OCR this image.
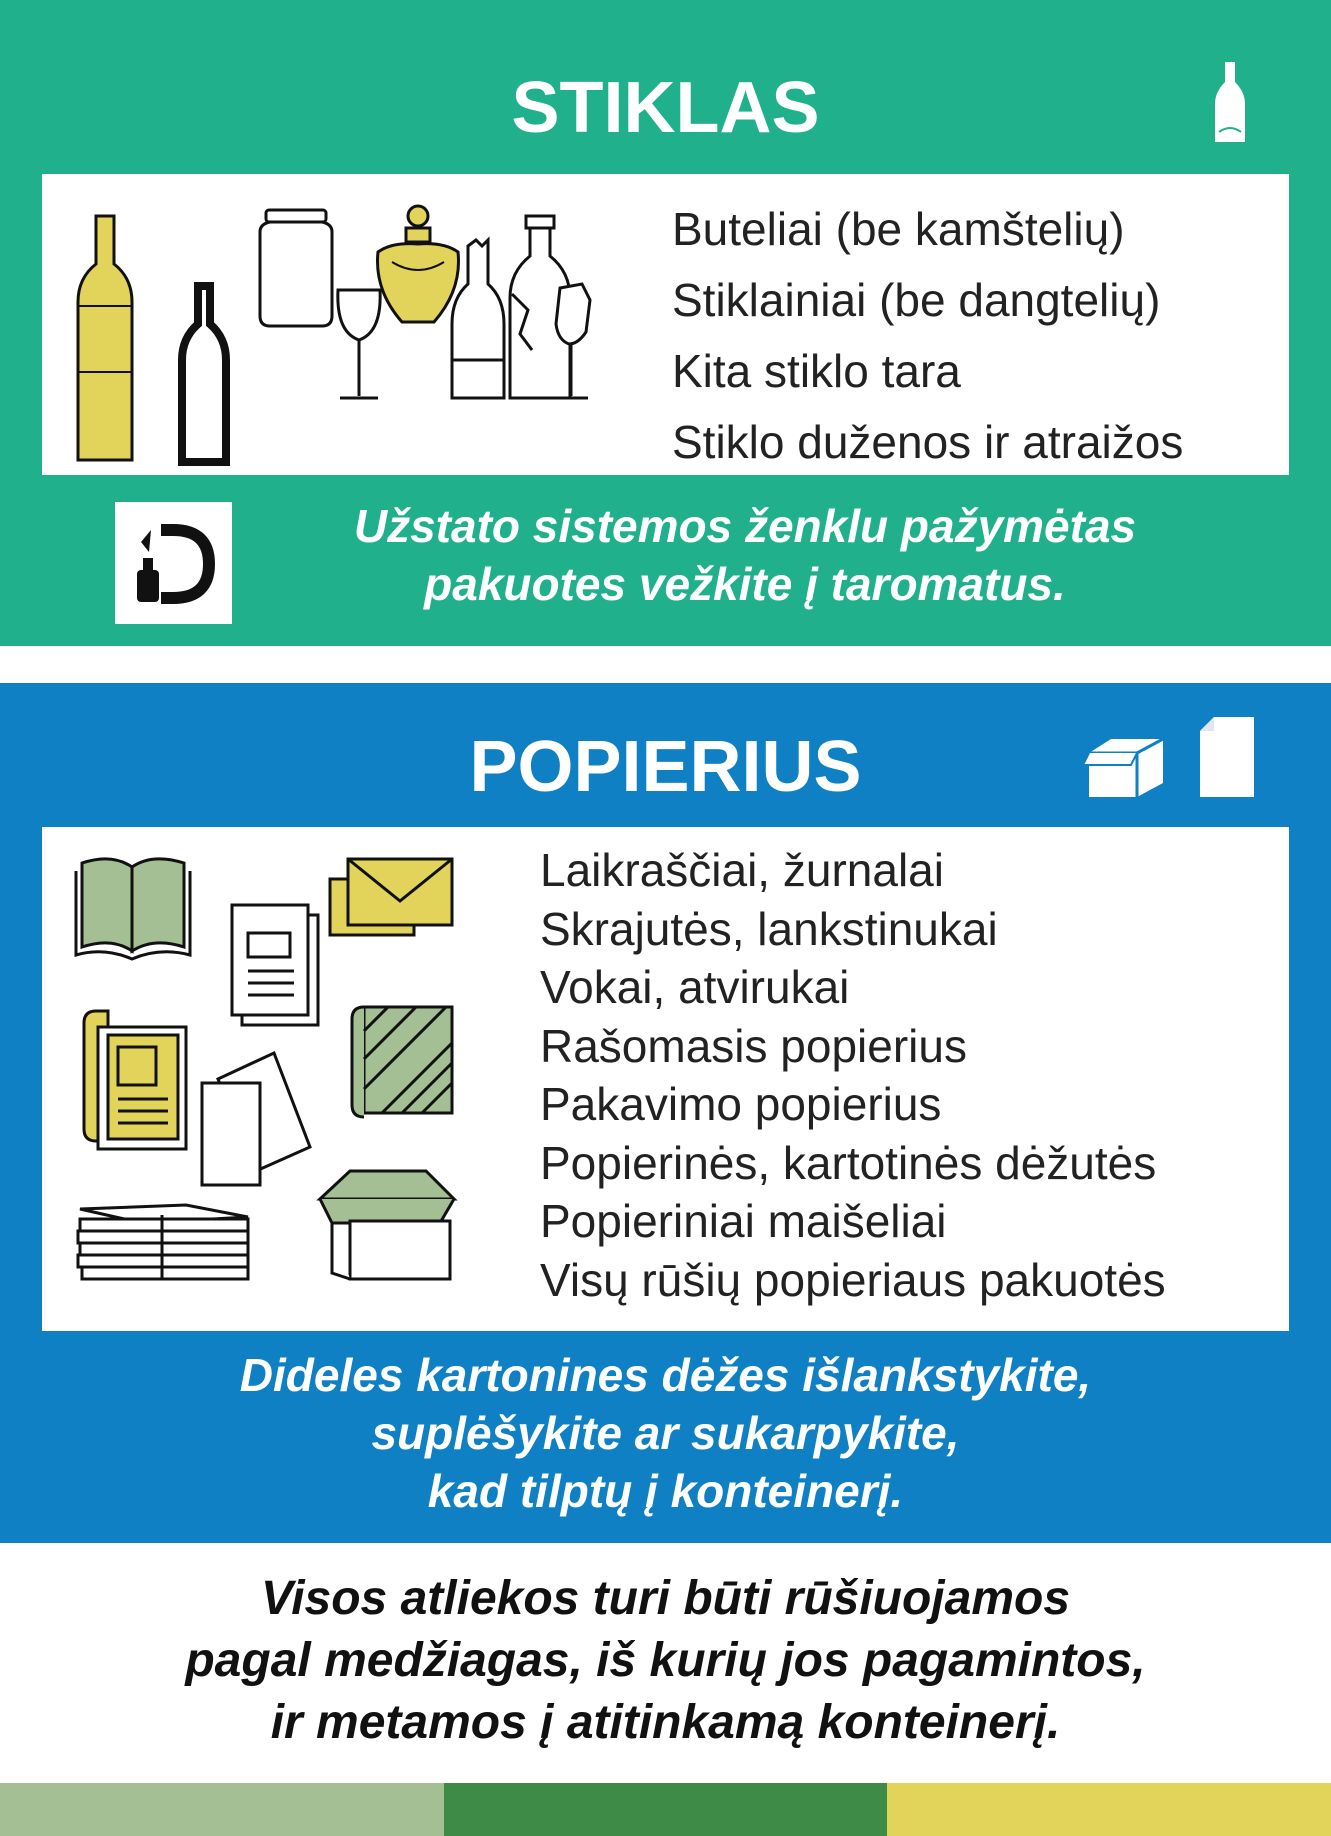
STIKLAS
Buteliai (be kamštelių)
Stiklainiai (be dangtelių)
Kita stiklo tara
Stiklo duženos ir atraižos
Užstato sistemos ženklu pažymėtas
pakuotes vežkite į taromatus.
POPIERIUS
Laikraščiai, žurnalai
Skrajutės, lankstinukai
Vokai, atvirukai
Rašomasis popierius
Pakavimo popierius
Popierinės, kartotinės dėžutės
Popieriniai maišeliai
Visų rūšių popieriaus pakuotės
Dideles kartonines dėžes išlankstykite,
suplėšykite ar sukarpykite,
kad tilptų į konteinerį.
Visos atliekos turi būti rūšiuojamos
pagal medžiagas, iš kurių jos pagamintos,
ir metamos į atitinkamą konteinerį.
